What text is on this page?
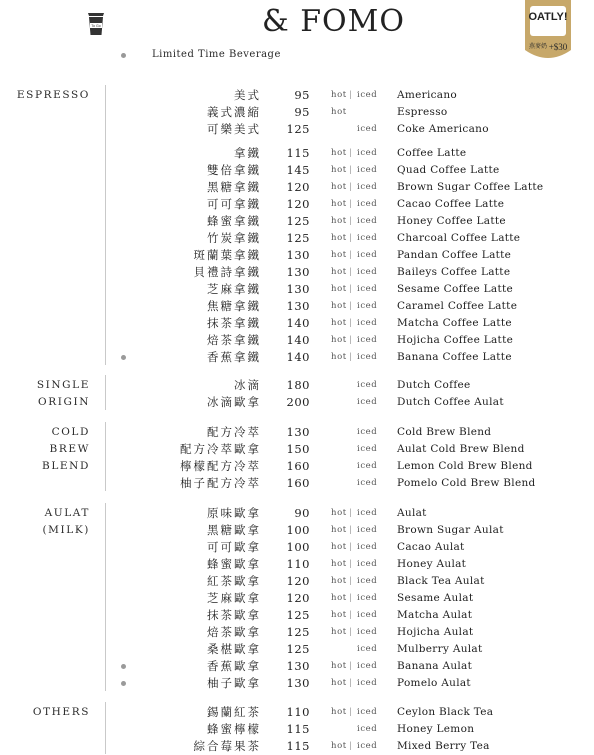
To Go	& FOMO	OATLY!
燕麥奶 +$30
Limited Time Beverage
ESPRESSO	美式	95 hot | iced Americano
義式濃縮	95 hot	Espresso
可樂美式	125	iced Coke Americano
拿鐵	115 hot | iced Coffee Latte
雙倍拿鐵	145 hot | iced Quad Coffee Latte
黑糖拿鐵	120 hot | iced Brown Sugar Coffee Latte
可可拿鐵	120 hot | iced Cacao Coffee Latte
蜂蜜拿鐵	125 hot | iced Honey Coffee Latte
竹炭拿鐵	125 hot | iced Charcoal Coffee Latte
斑蘭葉拿鐵	130 hot | iced Pandan Coffee Latte
貝禮詩拿鐵	130 hot | iced Baileys Coffee Latte
芝麻拿鐵	130 hot | iced Sesame Coffee Latte
焦糖拿鐵	130 hot | iced Caramel Coffee Latte
抹茶拿鐵	140 hot | iced Matcha Coffee Latte
焙茶拿鐵	140 hot | iced Hojicha Coffee Latte
香蕉拿鐵	140 hot | iced Banana Coffee Latte
SINGLE
ORIGIN
冰滴	180	iced Dutch Coffee
冰滴歐拿	200	iced Dutch Coffee Aulat
COLD
BREW
BLEND
配方冷萃	130	iced Cold Brew Blend
配方冷萃歐拿	150	iced Aulat Cold Brew Blend
檸檬配方冷萃	160	iced Lemon Cold Brew Blend
柚子配方冷萃	160	iced Pomelo Cold Brew Blend
AULAT
(MILK)
原味歐拿	90 hot | iced Aulat
黑糖歐拿	100 hot | iced Brown Sugar Aulat
可可歐拿	100 hot | iced Cacao Aulat
蜂蜜歐拿	110 hot | iced Honey Aulat
紅茶歐拿	120 hot | iced Black Tea Aulat
芝麻歐拿	120 hot | iced Sesame Aulat
抹茶歐拿	125 hot | iced Matcha Aulat
焙茶歐拿	125 hot | iced Hojicha Aulat
桑椹歐拿	125	iced Mulberry Aulat
香蕉歐拿	130 hot | iced Banana Aulat
柚子歐拿	130 hot | iced Pomelo Aulat
OTHERS	錫蘭紅茶	110 hot | iced Ceylon Black Tea
蜂蜜檸檬	115	iced Honey Lemon
綜合莓果茶	115 hot | iced Mixed Berry Tea
